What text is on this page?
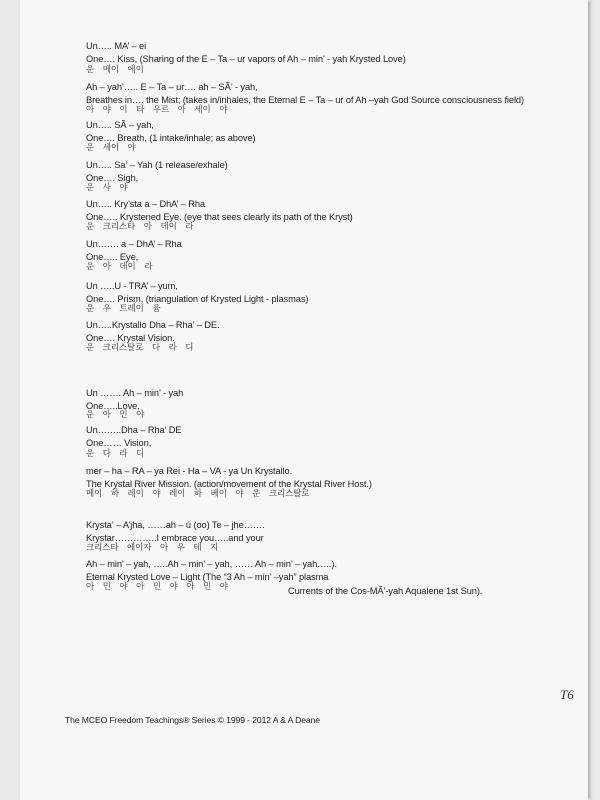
Un….. MA’ – ei
One…. Kiss, (Sharing of the E – Ta – ur vapors of Ah – min’ - yah Krysted Love)
운 메이 에이
Ah – yah’….. E – Ta – ur…. ah – SÃ’ - yah,
Breathes in…. the Mist; (takes in/inhales, the Eternal E – Ta – ur of Ah –yah God Source consciousness field)
아 야 이 타 우르 아 세이 야
Un….. SÃ – yah,
One…. Breath, (1 intake/inhale; as above)
운 세이 야
Un….. Sa’ – Yah (1 release/exhale)
One…. Sigh,
운 사 야
Un….. Kry’sta a – DhA’ – Rha
One….. Krystened Eye. (eye that sees clearly its path of the Kryst)
운 크리스타 아 데이 라
Un……. a – DhA’ – Rha
One….. Eye,
운 아 데이 라
Un …..U - TRA’ – yum,
One…. Prism, (triangulation of Krysted Light - plasmas)
운 우 트레이 윰
Un…..Krystallo Dha – Rha’ – DE.
One…. Krystal Vision.
운 크리스탈로 다 라 디
Un ……. Ah – min’ - yah
One…..Love,
운 아 민 야
Un……..Dha – Rha’ DE
One…… Vision,
운 다 라 디
mer – ha – RA – ya Rei - Ha – VA - ya Un Krystallo.
The Krystal River Mission. (action/movement of the Krystal River Host.)
메이 하 레이 야 레이 하 베이 야 운 크리스탈로
Krysta’ – A’jha, ……ah – ú (oo) Te – jhe…….
Krystar…………..I embrace you…..and your
크리스타 에이자 아 우 테 지
Ah – min’ – yah, …..Ah – min’ – yah, …… Ah – min’ – yah…..).
Eternal Krysted Love – Light (The “3 Ah – min’ –yah” plasma
아 민 야 아 민 야 아 민 야	Currents of the Cos-MÃ’-yah Aqualene 1st Sun).
T6
The MCEO Freedom Teachings® Series © 1999 - 2012 A & A Deane
